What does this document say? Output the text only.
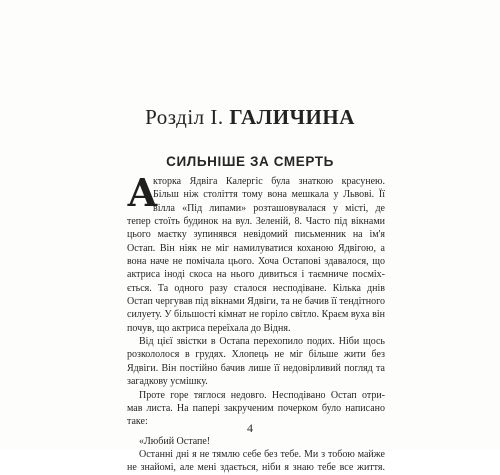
Розділ I. ГАЛИЧИНА
СИЛЬНІШЕ ЗА СМЕРТЬ
А
кторка Ядвіга Калергіс була знаткою красунею.
Більш ніж століття тому вона мешкала у Львові. Її
вілла «Під липами» розташовувалася у місті, де
тепер стоїть будинок на вул. Зеленій, 8. Часто під вікнами
цього маєтку зупинявся невідомий письменник на ім'я
Остап. Він ніяк не міг намилуватися коханою Ядвігою, а
вона наче не помічала цього. Хоча Остапові здавалося, що
актриса іноді скоса на нього дивиться і таємниче посміх-
ється. Та одного разу сталося несподіване. Кілька днів
Остап чергував під вікнами Ядвіги, та не бачив її тендітного
силуету. У більшості кімнат не горіло світло. Краєм вуха він
почув, що актриса переїхала до Відня.
Від цієї звістки в Остапа перехопило подих. Ніби щось
розкололося в грудях. Хлопець не міг більше жити без
Ядвіги. Він постійно бачив лише її недовірливий погляд та
загадкову усмішку.
Проте горе тяглося недовго. Несподівано Остап отри-
мав листа. На папері закрученим почерком було написано
таке:
«Любий Остапе!
Останні дні я не тямлю себе без тебе. Ми з тобою майже
не знайомі, але мені здається, ніби я знаю тебе все життя.
4
